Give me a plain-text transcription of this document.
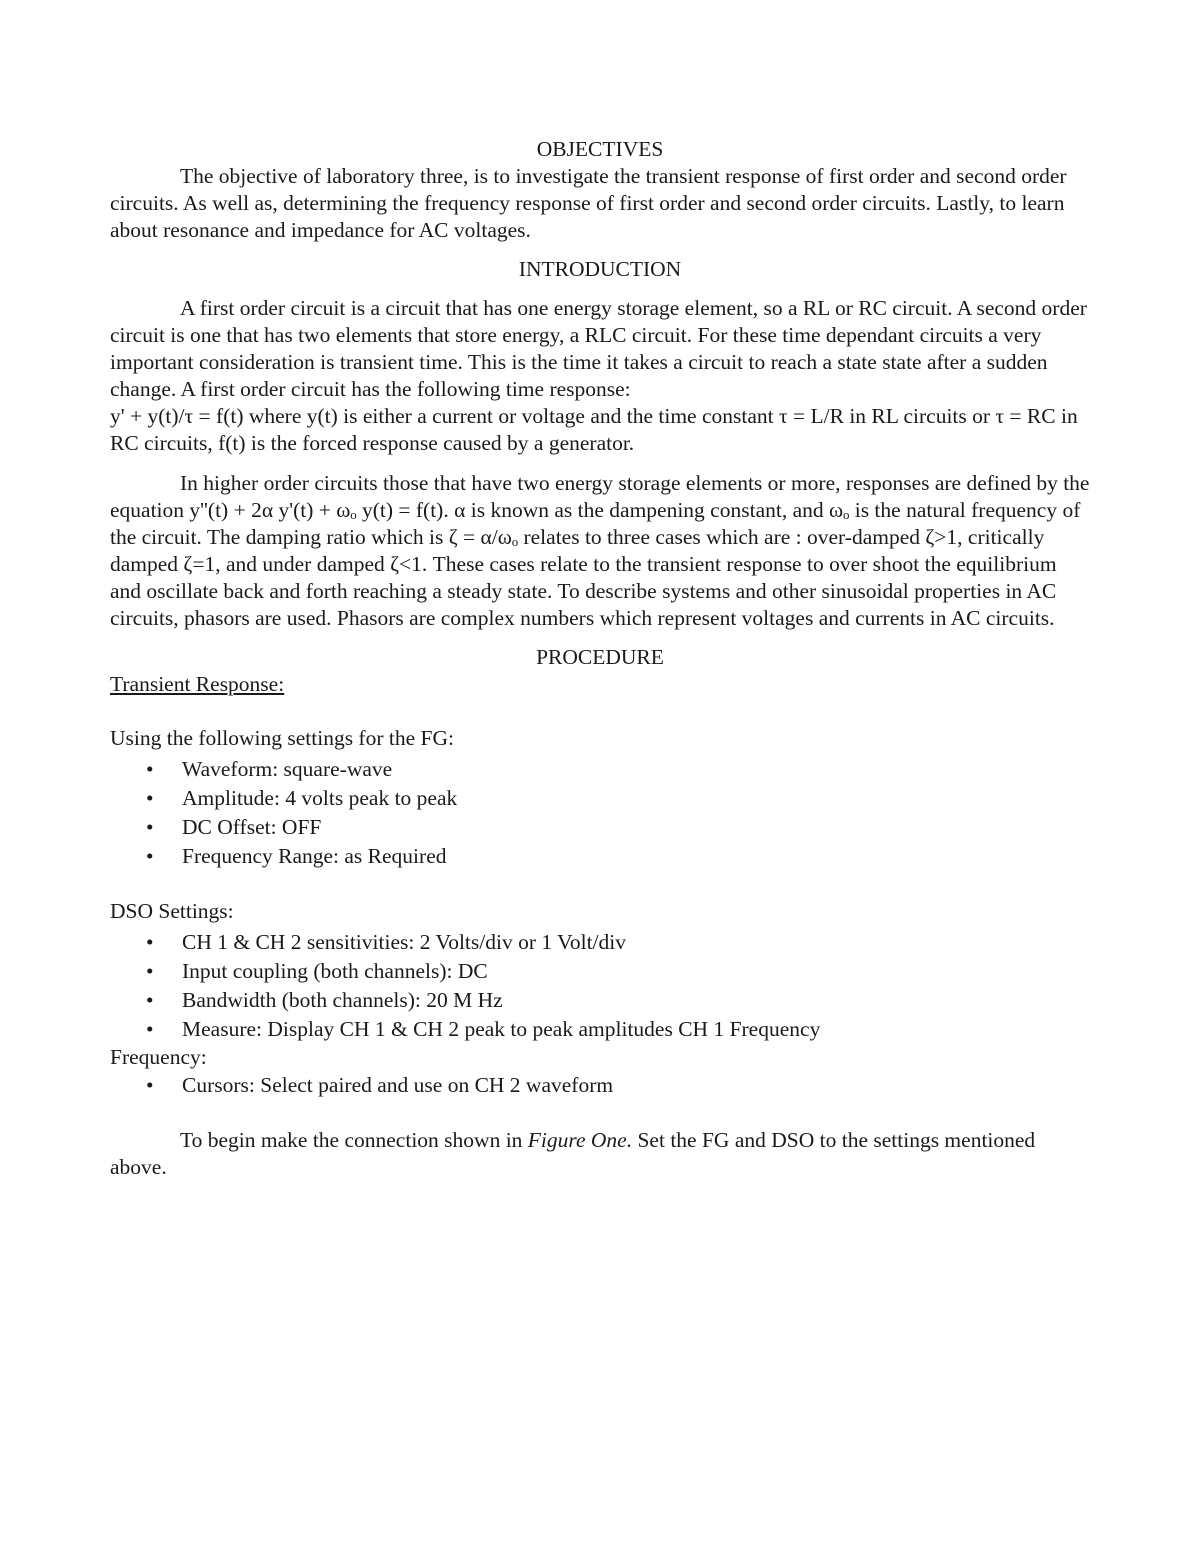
OBJECTIVES

The objective of laboratory three, is to investigate the transient response of first order and second order circuits. As well as, determining the frequency response of first order and second order circuits. Lastly, to learn about resonance and impedance for AC voltages.

INTRODUCTION

A first order circuit is a circuit that has one energy storage element, so a RL or RC circuit. A second order circuit is one that has two elements that store energy, a RLC circuit. For these time dependant circuits a very important consideration is transient time. This is the time it takes a circuit to reach a state state after a sudden change. A first order circuit has the following time response:

y' + y(t)/τ = f(t) where y(t) is either a current or voltage and the time constant τ = L/R in RL circuits or τ = RC in RC circuits, f(t) is the forced response caused by a generator.

In higher order circuits those that have two energy storage elements or more, responses are defined by the equation y''(t) + 2α y'(t) + ωₒ y(t) = f(t). α is known as the dampening constant, and ωₒ is the natural frequency of the circuit. The damping ratio which is ζ = α/ωₒ relates to three cases which are : over-damped ζ>1, critically damped ζ=1, and under damped ζ<1. These cases relate to the transient response to over shoot the equilibrium and oscillate back and forth reaching a steady state. To describe systems and other sinusoidal properties in AC circuits, phasors are used. Phasors are complex numbers which represent voltages and currents in AC circuits.

PROCEDURE

Transient Response:

Using the following settings for the FG:

• Waveform: square-wave
• Amplitude: 4 volts peak to peak
• DC Offset: OFF
• Frequency Range: as Required

DSO Settings:

• CH 1 & CH 2 sensitivities: 2 Volts/div or 1 Volt/div
• Input coupling (both channels): DC
• Bandwidth (both channels): 20 M Hz
• Measure: Display CH 1 & CH 2 peak to peak amplitudes CH 1 Frequency

Frequency:

• Cursors: Select paired and use on CH 2 waveform

To begin make the connection shown in Figure One. Set the FG and DSO to the settings mentioned above.
